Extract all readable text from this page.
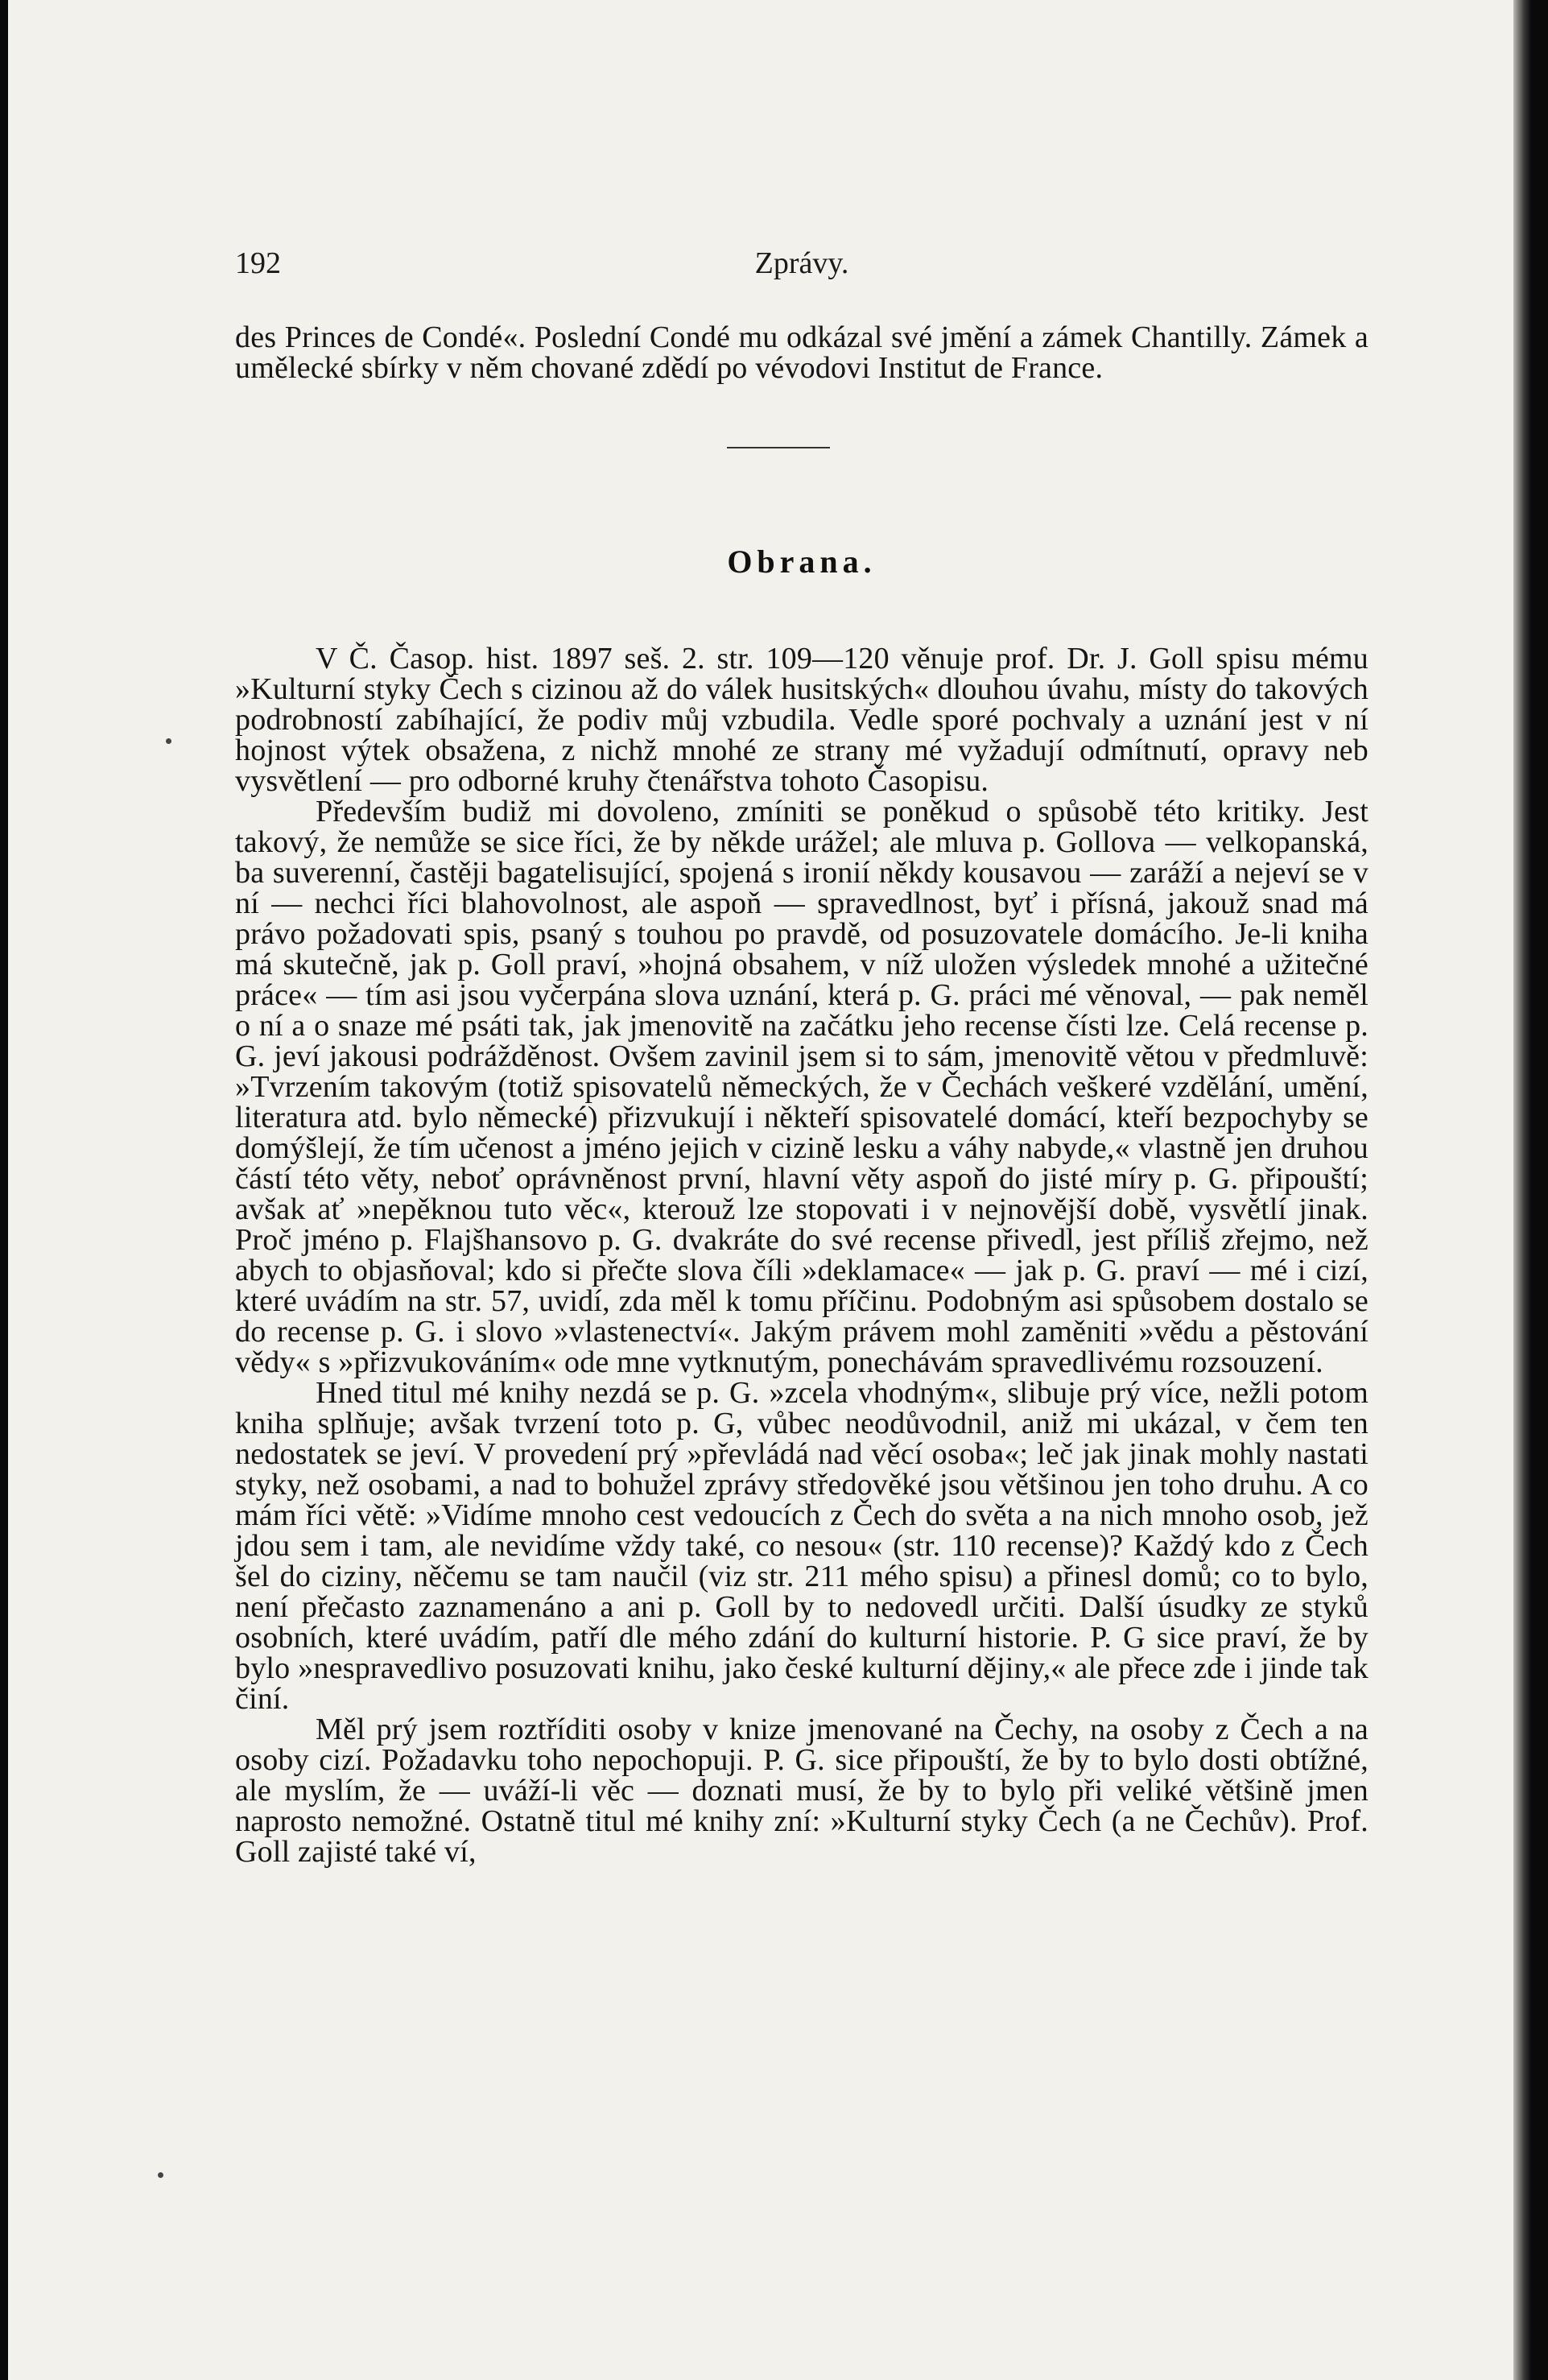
192	Zprávy.

des Princes de Condé«. Poslední Condé mu odkázal své jmění a zámek Chantilly. Zámek a umělecké sbírky v něm chované zdědí po vévodovi Institut de France.

Obrana.

V Č. Časop. hist. 1897 seš. 2. str. 109—120 věnuje prof. Dr. J. Goll spisu mému »Kulturní styky Čech s cizinou až do válek husitských« dlouhou úvahu, místy do takových podrobností zabíhající, že podiv můj vzbudila. Vedle sporé pochvaly a uznání jest v ní hojnost výtek obsažena, z nichž mnohé ze strany mé vyžadují odmítnutí, opravy neb vysvětlení — pro odborné kruhy čtenářstva tohoto Časopisu.

Především budiž mi dovoleno, zmíniti se poněkud o spůsobě této kritiky. Jest takový, že nemůže se sice říci, že by někde urážel; ale mluva p. Gollova — velkopanská, ba suverenní, častěji bagatelisující, spojená s ironií někdy kousavou — zaráží a nejeví se v ní — nechci říci blahovolnost, ale aspoň — spravedlnost, byť i přísná, jakouž snad má právo požadovati spis, psaný s touhou po pravdě, od posuzovatele domácího. Je-li kniha má skutečně, jak p. Goll praví, »hojná obsahem, v níž uložen výsledek mnohé a užitečné práce« — tím asi jsou vyčerpána slova uznání, která p. G. práci mé věnoval, — pak neměl o ní a o snaze mé psáti tak, jak jmenovitě na začátku jeho recense čísti lze. Celá recense p. G. jeví jakousi podrážděnost. Ovšem zavinil jsem si to sám, jmenovitě větou v předmluvě: »Tvrzením takovým (totiž spisovatelů německých, že v Čechách veškeré vzdělání, umění, literatura atd. bylo německé) přizvukují i někteří spisovatelé domácí, kteří bezpochyby se domýšlejí, že tím učenost a jméno jejich v cizině lesku a váhy nabyde,« vlastně jen druhou částí této věty, neboť oprávněnost první, hlavní věty aspoň do jisté míry p. G. připouští; avšak ať »nepěknou tuto věc«, kterouž lze stopovati i v nejnovější době, vysvětlí jinak. Proč jméno p. Flajšhansovo p. G. dvakráte do své recense přivedl, jest příliš zřejmo, než abych to objasňoval; kdo si přečte slova číli »deklamace« — jak p. G. praví — mé i cizí, které uvádím na str. 57, uvidí, zda měl k tomu příčinu. Podobným asi spůsobem dostalo se do recense p. G. i slovo »vlastenectví«. Jakým právem mohl zaměniti »vědu a pěstování vědy« s »přizvukováním« ode mne vytknutým, ponechávám spravedlivému rozsouzení.

Hned titul mé knihy nezdá se p. G. »zcela vhodným«, slibuje prý více, nežli potom kniha splňuje; avšak tvrzení toto p. G, vůbec neodůvodnil, aniž mi ukázal, v čem ten nedostatek se jeví. V provedení prý »převládá nad věcí osoba«; leč jak jinak mohly nastati styky, než osobami, a nad to bohužel zprávy středověké jsou většinou jen toho druhu. A co mám říci větě: »Vidíme mnoho cest vedoucích z Čech do světa a na nich mnoho osob, jež jdou sem i tam, ale nevidíme vždy také, co nesou« (str. 110 recense)? Každý kdo z Čech šel do ciziny, něčemu se tam naučil (viz str. 211 mého spisu) a přinesl domů; co to bylo, není přečasto zaznamenáno a ani p. Goll by to nedovedl určiti. Další úsudky ze styků osobních, které uvádím, patří dle mého zdání do kulturní historie. P. G sice praví, že by bylo »nespravedlivo posuzovati knihu, jako české kulturní dějiny,« ale přece zde i jinde tak činí.

Měl prý jsem roztříditi osoby v knize jmenované na Čechy, na osoby z Čech a na osoby cizí. Požadavku toho nepochopuji. P. G. sice připouští, že by to bylo dosti obtížné, ale myslím, že — uváží-li věc — doznati musí, že by to bylo při veliké většině jmen naprosto nemožné. Ostatně titul mé knihy zní: »Kulturní styky Čech (a ne Čechův). Prof. Goll zajisté také ví,
